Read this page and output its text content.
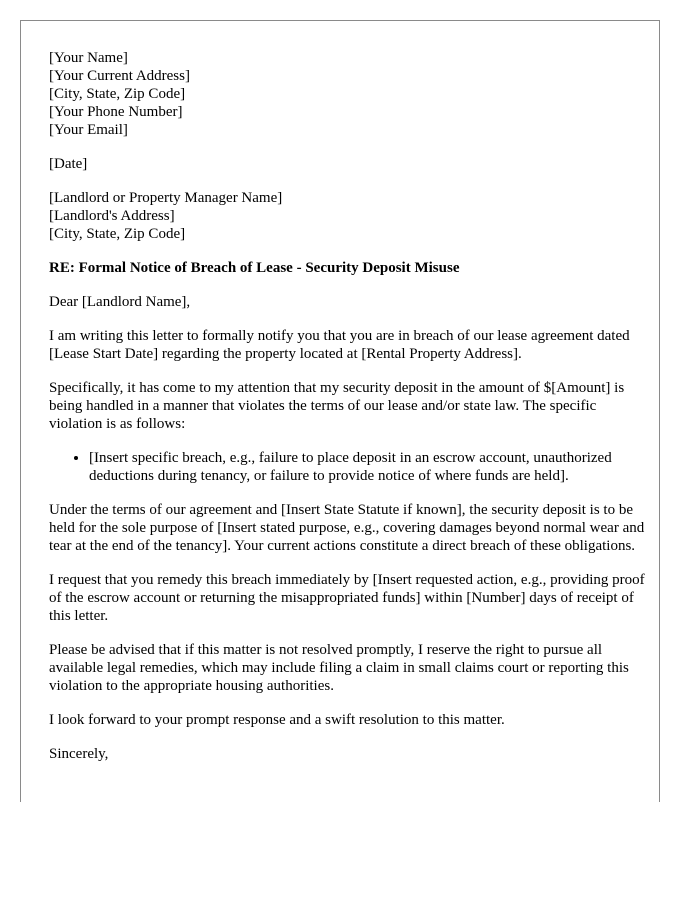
[Your Name]
[Your Current Address]
[City, State, Zip Code]
[Your Phone Number]
[Your Email]

[Date]

[Landlord or Property Manager Name]
[Landlord's Address]
[City, State, Zip Code]

RE: Formal Notice of Breach of Lease - Security Deposit Misuse

Dear [Landlord Name],

I am writing this letter to formally notify you that you are in breach of our lease agreement dated [Lease Start Date] regarding the property located at [Rental Property Address].

Specifically, it has come to my attention that my security deposit in the amount of $[Amount] is being handled in a manner that violates the terms of our lease and/or state law. The specific violation is as follows:

• [Insert specific breach, e.g., failure to place deposit in an escrow account, unauthorized deductions during tenancy, or failure to provide notice of where funds are held].

Under the terms of our agreement and [Insert State Statute if known], the security deposit is to be held for the sole purpose of [Insert stated purpose, e.g., covering damages beyond normal wear and tear at the end of the tenancy]. Your current actions constitute a direct breach of these obligations.

I request that you remedy this breach immediately by [Insert requested action, e.g., providing proof of the escrow account or returning the misappropriated funds] within [Number] days of receipt of this letter.

Please be advised that if this matter is not resolved promptly, I reserve the right to pursue all available legal remedies, which may include filing a claim in small claims court or reporting this violation to the appropriate housing authorities.

I look forward to your prompt response and a swift resolution to this matter.

Sincerely,
